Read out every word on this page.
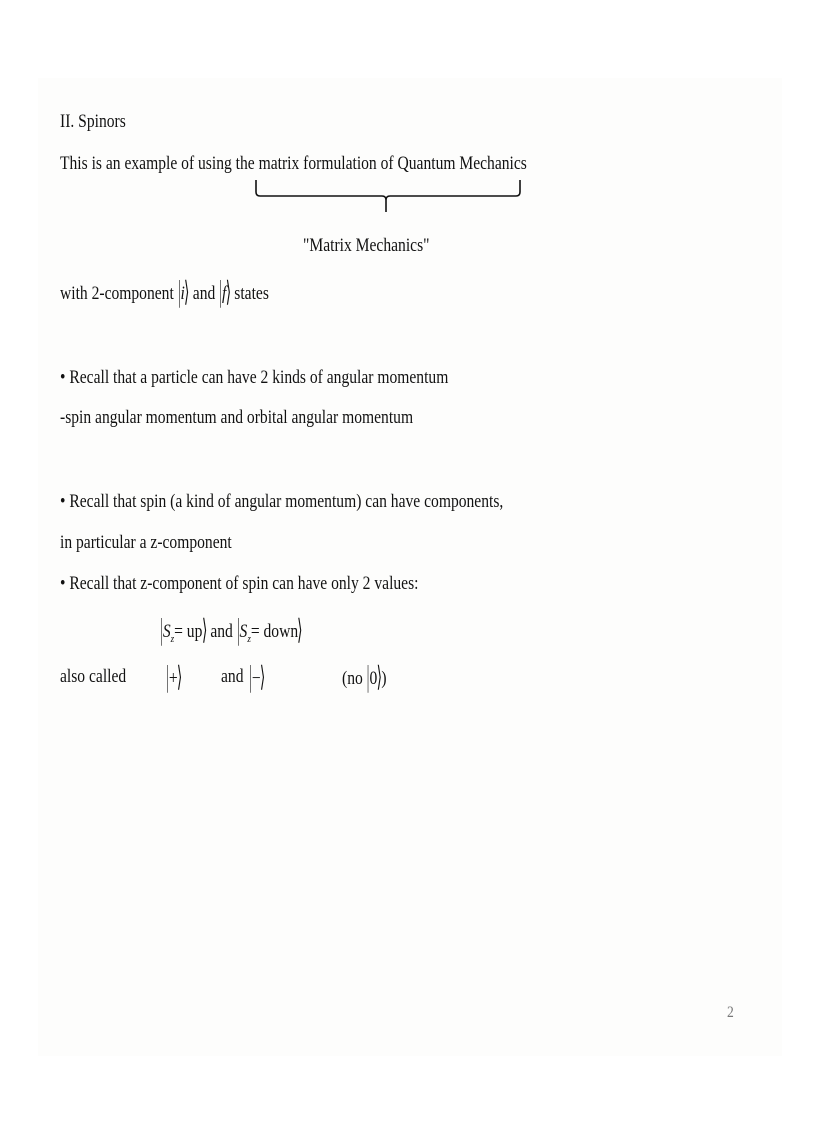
II. Spinors
This is an example of using the matrix formulation of Quantum Mechanics
"Matrix Mechanics"
with 2-component |i⟩ and |f⟩ states
• Recall that a particle can have 2 kinds of angular momentum
-spin angular momentum and orbital angular momentum
• Recall that spin (a kind of angular momentum) can have components,
in particular a z-component
• Recall that z-component of spin can have only 2 values:
$|S_z=$ up⟩ and $|S_z=$ down⟩
also called |+⟩ and |−⟩	(no |0⟩)
2
